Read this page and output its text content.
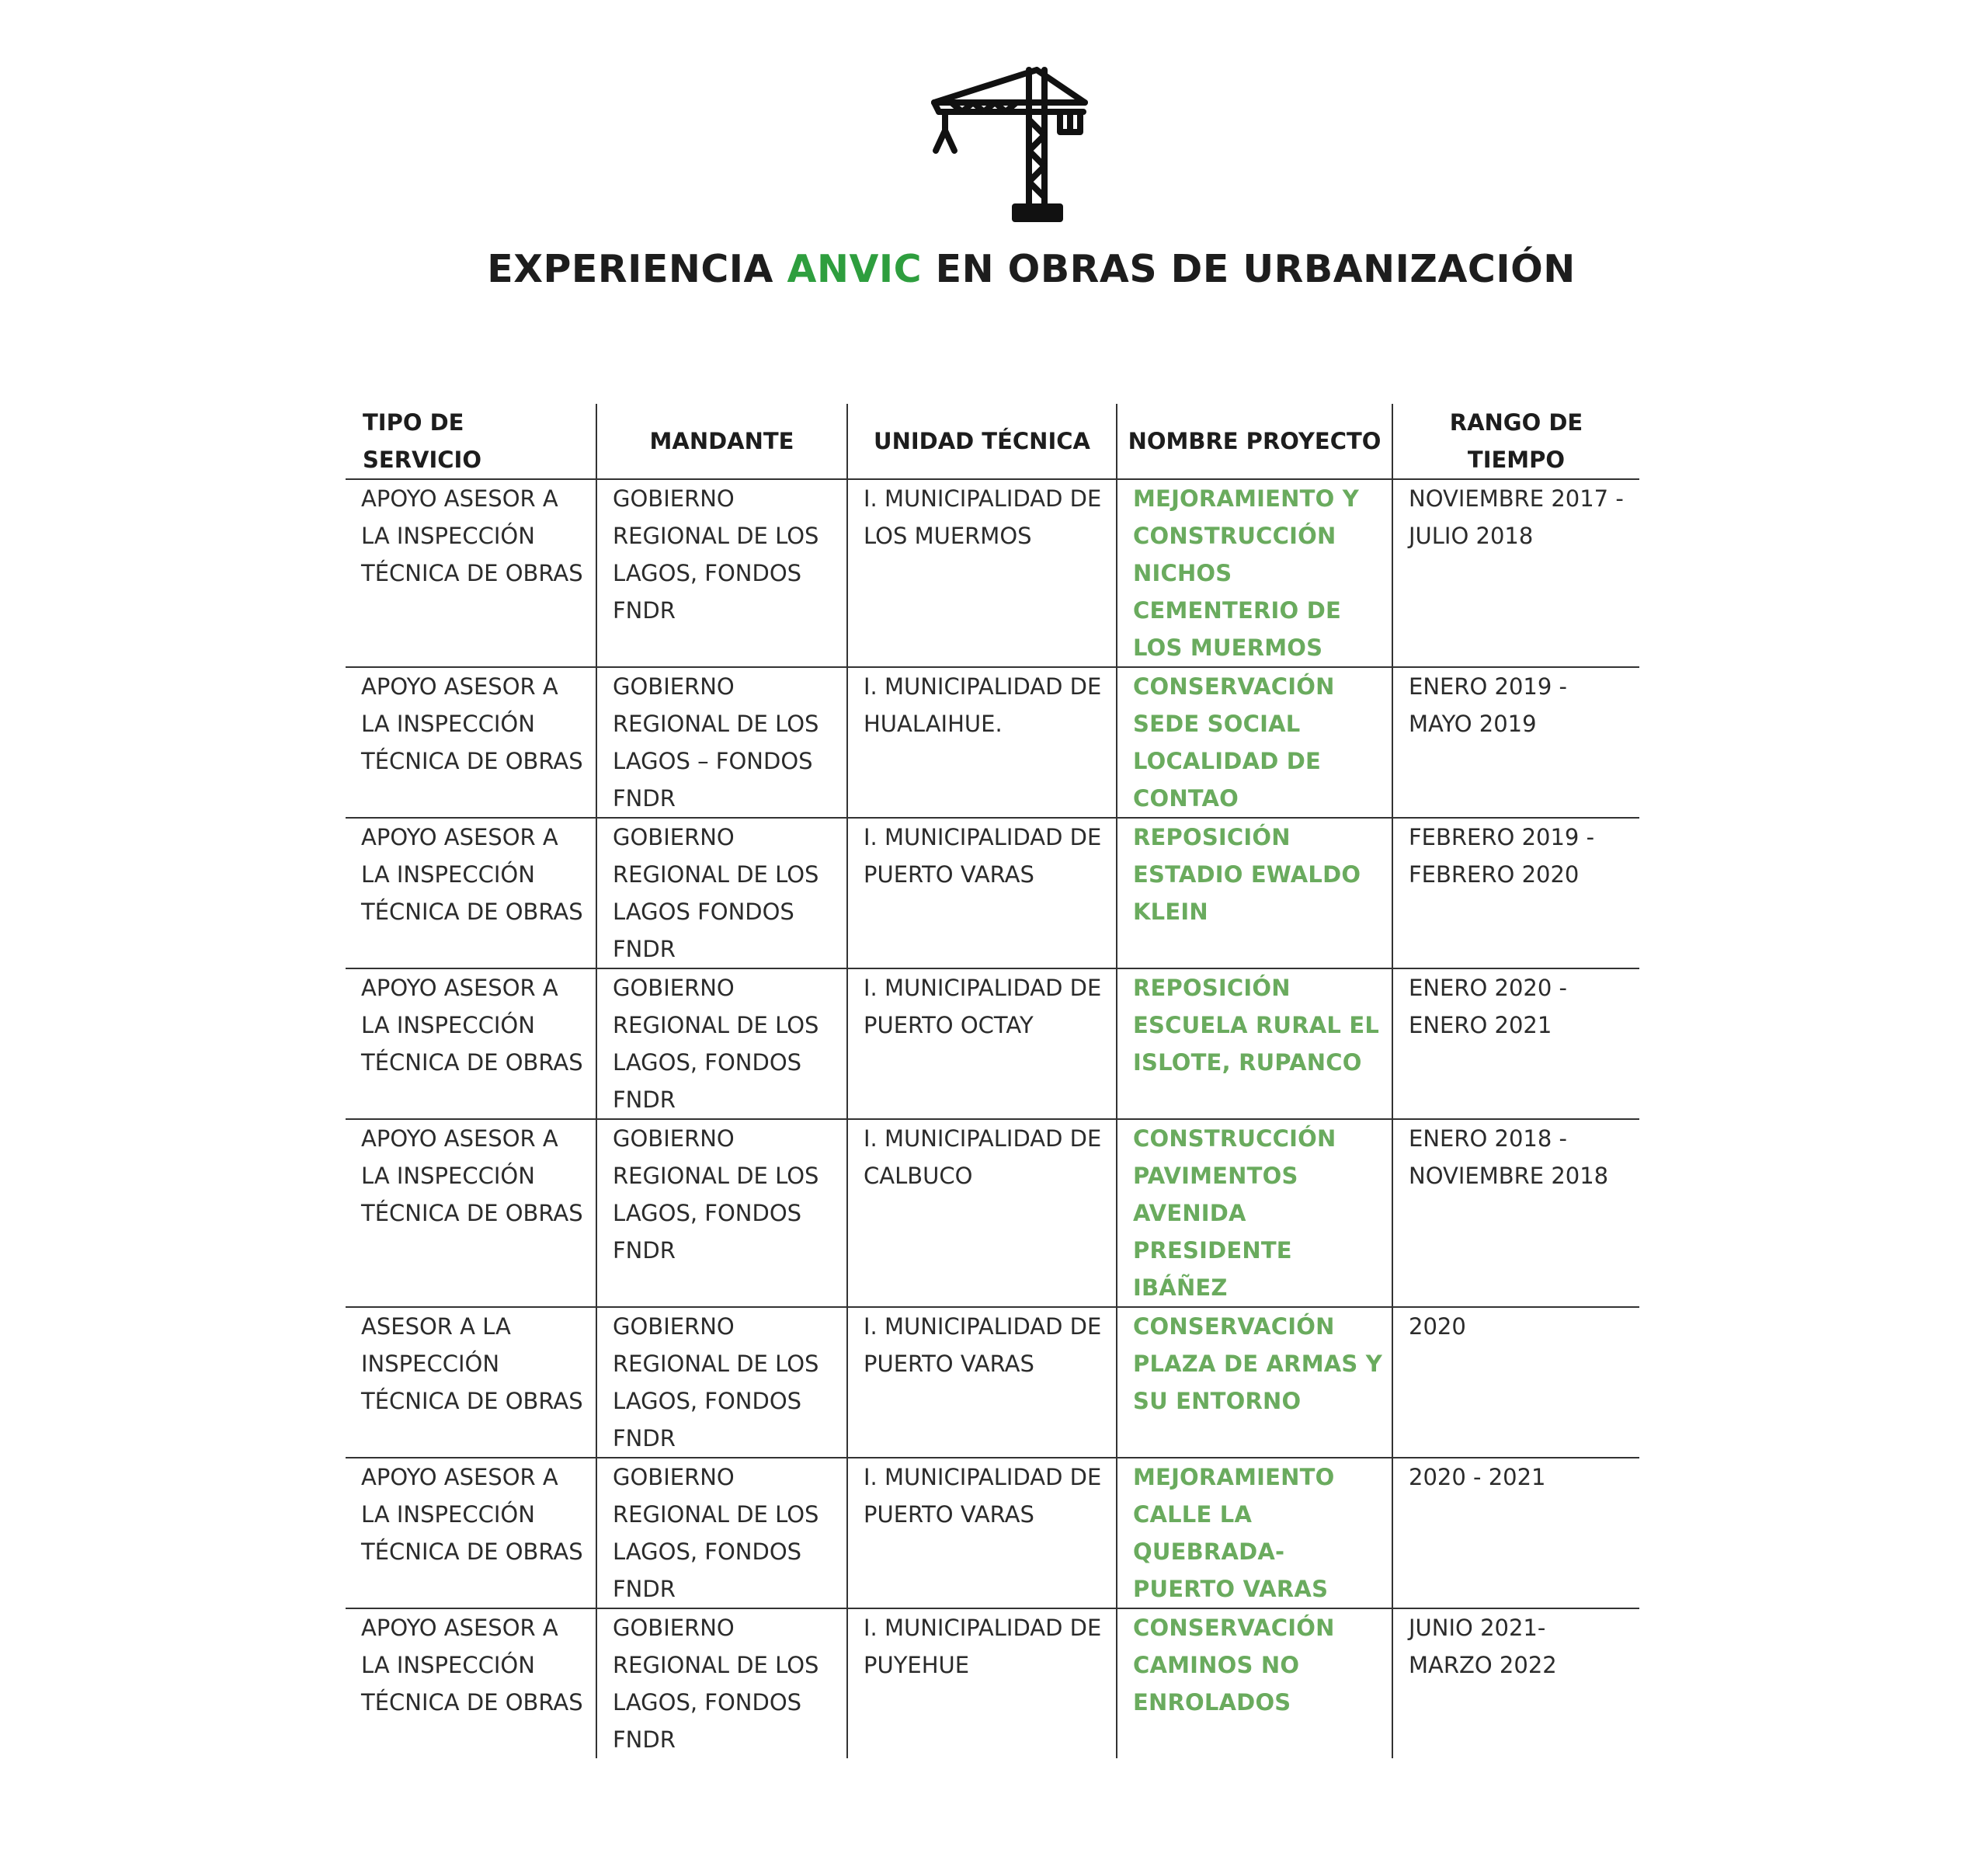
EXPERIENCIA ANVIC EN OBRAS DE URBANIZACIÓN
TIPO DE SERVICIO	MANDANTE	UNIDAD TÉCNICA	NOMBRE PROYECTO	RANGO DE TIEMPO
APOYO ASESOR A LA INSPECCIÓN TÉCNICA DE OBRAS	GOBIERNO REGIONAL DE LOS LAGOS, FONDOS FNDR	I. MUNICIPALIDAD DE LOS MUERMOS	MEJORAMIENTO Y CONSTRUCCIÓN NICHOS CEMENTERIO DE LOS MUERMOS	NOVIEMBRE 2017 - JULIO 2018
APOYO ASESOR A LA INSPECCIÓN TÉCNICA DE OBRAS	GOBIERNO REGIONAL DE LOS LAGOS – FONDOS FNDR	I. MUNICIPALIDAD DE HUALAIHUE.	CONSERVACIÓN SEDE SOCIAL LOCALIDAD DE CONTAO	ENERO 2019 - MAYO 2019
APOYO ASESOR A LA INSPECCIÓN TÉCNICA DE OBRAS	GOBIERNO REGIONAL DE LOS LAGOS FONDOS FNDR	I. MUNICIPALIDAD DE PUERTO VARAS	REPOSICIÓN ESTADIO EWALDO KLEIN	FEBRERO 2019 - FEBRERO 2020
APOYO ASESOR A LA INSPECCIÓN TÉCNICA DE OBRAS	GOBIERNO REGIONAL DE LOS LAGOS, FONDOS FNDR	I. MUNICIPALIDAD DE PUERTO OCTAY	REPOSICIÓN ESCUELA RURAL EL ISLOTE, RUPANCO	ENERO 2020 - ENERO 2021
APOYO ASESOR A LA INSPECCIÓN TÉCNICA DE OBRAS	GOBIERNO REGIONAL DE LOS LAGOS, FONDOS FNDR	I. MUNICIPALIDAD DE CALBUCO	CONSTRUCCIÓN PAVIMENTOS AVENIDA PRESIDENTE IBÁÑEZ	ENERO 2018 - NOVIEMBRE 2018
ASESOR A LA INSPECCIÓN TÉCNICA DE OBRAS	GOBIERNO REGIONAL DE LOS LAGOS, FONDOS FNDR	I. MUNICIPALIDAD DE PUERTO VARAS	CONSERVACIÓN PLAZA DE ARMAS Y SU ENTORNO	2020
APOYO ASESOR A LA INSPECCIÓN TÉCNICA DE OBRAS	GOBIERNO REGIONAL DE LOS LAGOS, FONDOS FNDR	I. MUNICIPALIDAD DE PUERTO VARAS	MEJORAMIENTO CALLE LA QUEBRADA- PUERTO VARAS	2020 - 2021
APOYO ASESOR A LA INSPECCIÓN TÉCNICA DE OBRAS	GOBIERNO REGIONAL DE LOS LAGOS, FONDOS FNDR	I. MUNICIPALIDAD DE PUYEHUE	CONSERVACIÓN CAMINOS NO ENROLADOS	JUNIO 2021- MARZO 2022
